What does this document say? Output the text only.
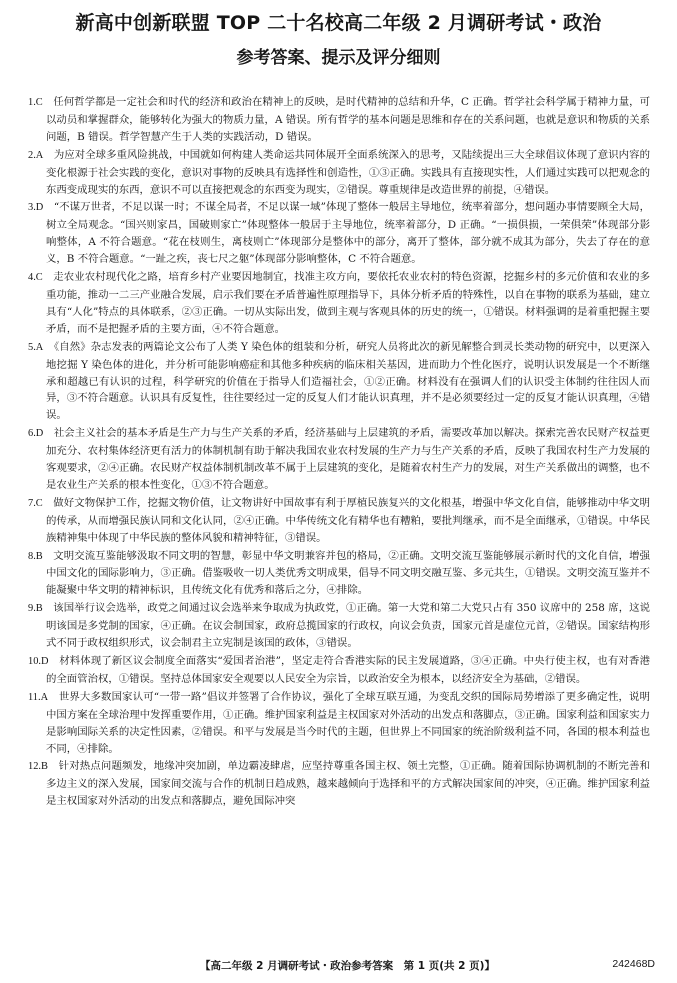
新高中创新联盟 TOP 二十名校高二年级 2 月调研考试・政治
参考答案、提示及评分细则
1.C　 任何哲学都是一定社会和时代的经济和政治在精神上的反映，是时代精神的总结和升华，C 正确。哲学社会科学属于精神力量，可以动员和掌握群众，能够转化为强大的物质力量，A 错误。所有哲学的基本问题是思维和存在的关系问题，也就是意识和物质的关系问题，B 错误。哲学智慧产生于人类的实践活动，D 错误。
2.A　 为应对全球多重风险挑战，中国就如何构建人类命运共同体展开全面系统深入的思考，又陆续提出三大全球倡议体现了意识内容的变化根源于社会实践的变化，意识对事物的反映具有选择性和创造性，①③正确。实践具有直接现实性，人们通过实践可以把观念的东西变成现实的东西，意识不可以直接把观念的东西变为现实，②错误。尊重规律是改造世界的前提，④错误。
3.D　 “不谋万世者，不足以谋一时；不谋全局者，不足以谋一域”体现了整体一般居主导地位，统率着部分，想问题办事情要顾全大局，树立全局观念。“国兴则家昌，国破则家亡”体现整体一般居于主导地位，统率着部分，D 正确。“一损俱损，一荣俱荣”体现部分影响整体，A 不符合题意。“花在枝则生，离枝则亡”体现部分是整体中的部分，离开了整体，部分就不成其为部分，失去了存在的意义，B 不符合题意。“一趾之疾，丧七尺之躯”体现部分影响整体，C 不符合题意。
4.C　 走农业农村现代化之路，培育乡村产业要因地制宜，找准主攻方向，要依托农业农村的特色资源，挖掘乡村的多元价值和农业的多重功能，推动一二三产业融合发展，启示我们要在矛盾普遍性原理指导下，具体分析矛盾的特殊性，以自在事物的联系为基础，建立具有“人化”特点的具体联系，②③正确。一切从实际出发，做到主观与客观具体的历史的统一，①错误。材料强调的是着重把握主要矛盾，而不是把握矛盾的主要方面，④不符合题意。
5.A　 《自然》杂志发表的两篇论文公布了人类 Y 染色体的组装和分析，研究人员将此次的新见解整合到灵长类动物的研究中，以更深入地挖掘 Y 染色体的进化，并分析可能影响癌症和其他多种疾病的临床相关基因，进而助力个性化医疗，说明认识发展是一个不断继承和超越已有认识的过程，科学研究的价值在于指导人们造福社会，①②正确。材料没有在强调人们的认识受主体制约往往因人而异，③不符合题意。认识具有反复性，往往要经过一定的反复人们才能认识真理，并不是必须要经过一定的反复才能认识真理，④错误。
6.D　 社会主义社会的基本矛盾是生产力与生产关系的矛盾，经济基础与上层建筑的矛盾，需要改革加以解决。探索完善农民财产权益更加充分、农村集体经济更有活力的体制机制有助于解决我国农业农村发展的生产力与生产关系的矛盾，反映了我国农村生产力发展的客观要求，②④正确。农民财产权益体制机制改革不属于上层建筑的变化，是随着农村生产力的发展，对生产关系做出的调整，也不是农业生产关系的根本性变化，①③不符合题意。
7.C　 做好文物保护工作，挖掘文物价值，让文物讲好中国故事有利于厚植民族复兴的文化根基，增强中华文化自信，能够推动中华文明的传承，从而增强民族认同和文化认同，②④正确。中华传统文化有精华也有糟粕，要批判继承，而不是全面继承，①错误。中华民族精神集中体现了中华民族的整体风貌和精神特征，③错误。
8.B　 文明交流互鉴能够汲取不同文明的智慧，彰显中华文明兼容并包的格局，②正确。文明交流互鉴能够展示新时代的文化自信，增强中国文化的国际影响力，③正确。借鉴吸收一切人类优秀文明成果，倡导不同文明交融互鉴、多元共生，①错误。文明交流互鉴并不能凝聚中华文明的精神标识，且传统文化有优秀和落后之分，④排除。
9.B　 该国举行议会选举，政党之间通过议会选举来争取成为执政党，①正确。第一大党和第二大党只占有 350 议席中的 258 席，这说明该国是多党制的国家，④正确。在议会制国家，政府总揽国家的行政权，向议会负责，国家元首是虚位元首，②错误。国家结构形式不同于政权组织形式，议会制君主立宪制是该国的政体，③错误。
10.D　 材料体现了新区议会制度全面落实“爱国者治港”，坚定走符合香港实际的民主发展道路，③④正确。中央行使主权，也有对香港的全面管治权，①错误。坚持总体国家安全观要以人民安全为宗旨，以政治安全为根本，以经济安全为基础，②错误。
11.A　 世界大多数国家认可“一带一路”倡议并签署了合作协议，强化了全球互联互通，为变乱交织的国际局势增添了更多确定性，说明中国方案在全球治理中发挥重要作用，①正确。维护国家利益是主权国家对外活动的出发点和落脚点，③正确。国家利益和国家实力是影响国际关系的决定性因素，②错误。和平与发展是当今时代的主题，但世界上不同国家的统治阶级利益不同，各国的根本利益也不同，④排除。
12.B　 针对热点问题频发，地缘冲突加剧，单边霸凌肆虐，应坚持尊重各国主权、领土完整，①正确。随着国际协调机制的不断完善和多边主义的深入发展，国家间交流与合作的机制日趋成熟，越来越倾向于选择和平的方式解决国家间的冲突，④正确。维护国家利益是主权国家对外活动的出发点和落脚点，避免国际冲突
【高二年级 2 月调研考试・政治参考答案　第 1 页(共 2 页)】	242468D
